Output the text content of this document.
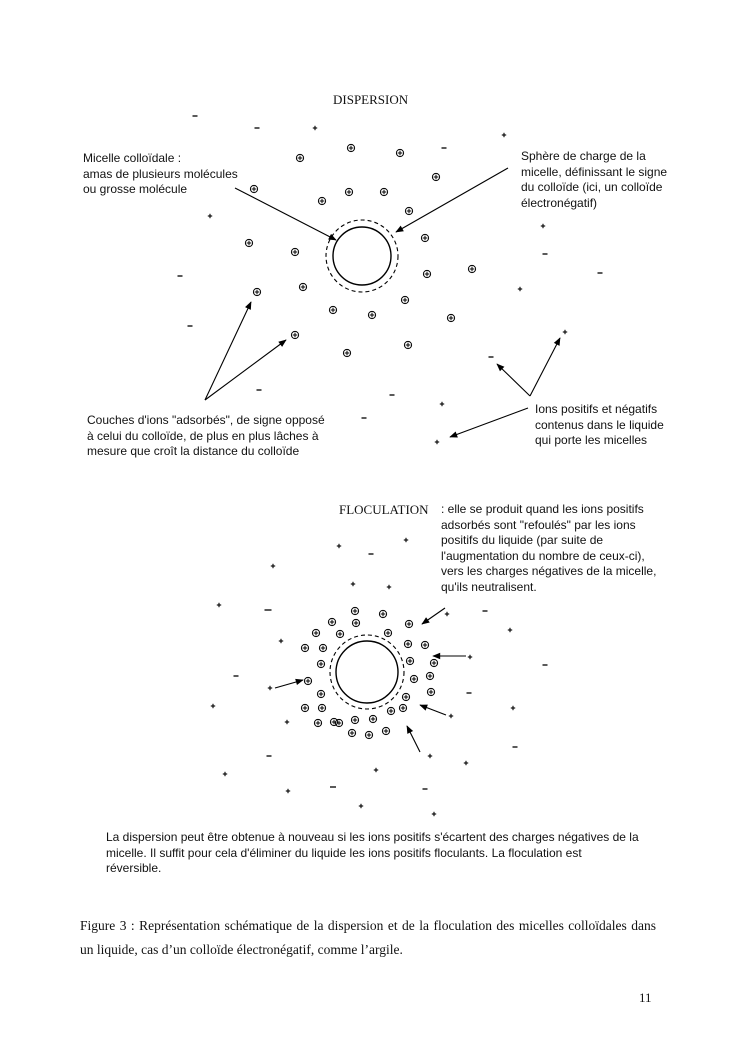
DISPERSION
Micelle colloïdale :
amas de plusieurs molécules
ou grosse molécule
Sphère de charge de la
micelle, définissant le signe
du colloïde (ici, un colloïde
électronégatif)
Couches d'ions "adsorbés", de signe opposé
à celui du colloïde, de plus en plus lâches à
mesure que croît la distance du colloïde
Ions positifs et négatifs
contenus dans le liquide
qui porte les micelles
FLOCULATION : elle se produit quand les ions positifs
adsorbés sont "refoulés" par les ions
positifs du liquide (par suite de
l'augmentation du nombre de ceux-ci),
vers les charges négatives de la micelle,
qu'ils neutralisent.
La dispersion peut être obtenue à nouveau si les ions positifs s'écartent des charges négatives de la
micelle. Il suffit pour cela d'éliminer du liquide les ions positifs floculants. La floculation est
réversible.
Figure 3 : Représentation schématique de la dispersion et de la floculation des micelles colloïdales dans un liquide, cas d’un colloïde électronégatif, comme l’argile.
11
